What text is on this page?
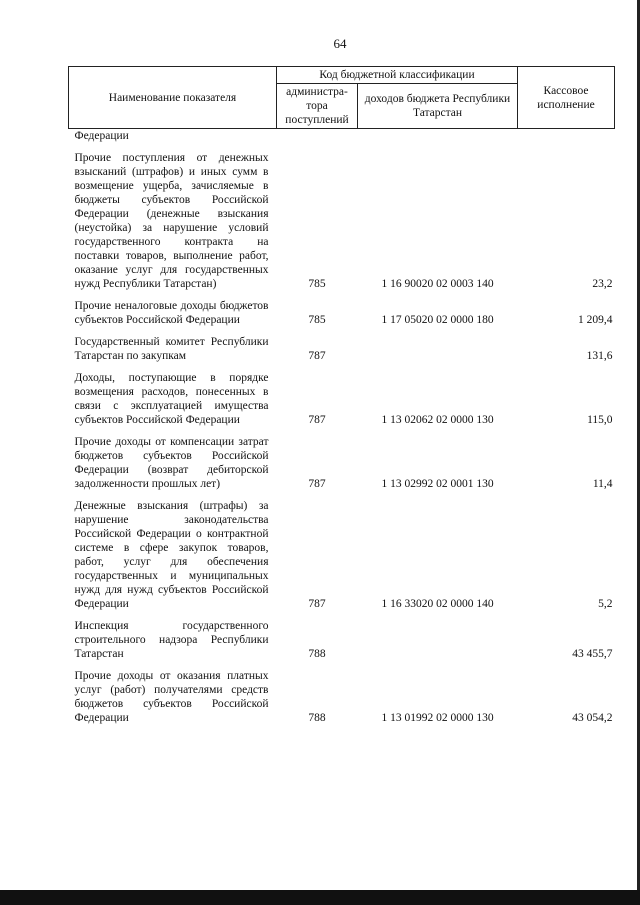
64
Наименование показателя	Код бюджетной классификации		Кассовое исполнение
	администра-тора поступлений	доходов бюджета Республики Татарстан	
Федерации			
Прочие поступления от денежных взысканий (штрафов) и иных сумм в возмещение ущерба, зачисляемые в бюджеты субъектов Российской Федерации (денежные взыскания (неустойка) за нарушение условий государственного контракта на поставки товаров, выполнение работ, оказание услуг для государственных нужд Республики Татарстан)	785	1 16 90020 02 0003 140	23,2
Прочие неналоговые доходы бюджетов субъектов Российской Федерации	785	1 17 05020 02 0000 180	1 209,4
Государственный комитет Республики Татарстан по закупкам	787		131,6
Доходы, поступающие в порядке возмещения расходов, понесенных в связи с эксплуатацией имущества субъектов Российской Федерации	787	1 13 02062 02 0000 130	115,0
Прочие доходы от компенсации затрат бюджетов субъектов Российской Федерации (возврат дебиторской задолженности прошлых лет)	787	1 13 02992 02 0001 130	11,4
Денежные взыскания (штрафы) за нарушение законодательства Российской Федерации о контрактной системе в сфере закупок товаров, работ, услуг для обеспечения государственных и муниципальных нужд для нужд субъектов Российской Федерации	787	1 16 33020 02 0000 140	5,2
Инспекция государственного строительного надзора Республики Татарстан	788		43 455,7
Прочие доходы от оказания платных услуг (работ) получателями средств бюджетов субъектов Российской Федерации	788	1 13 01992 02 0000 130	43 054,2
